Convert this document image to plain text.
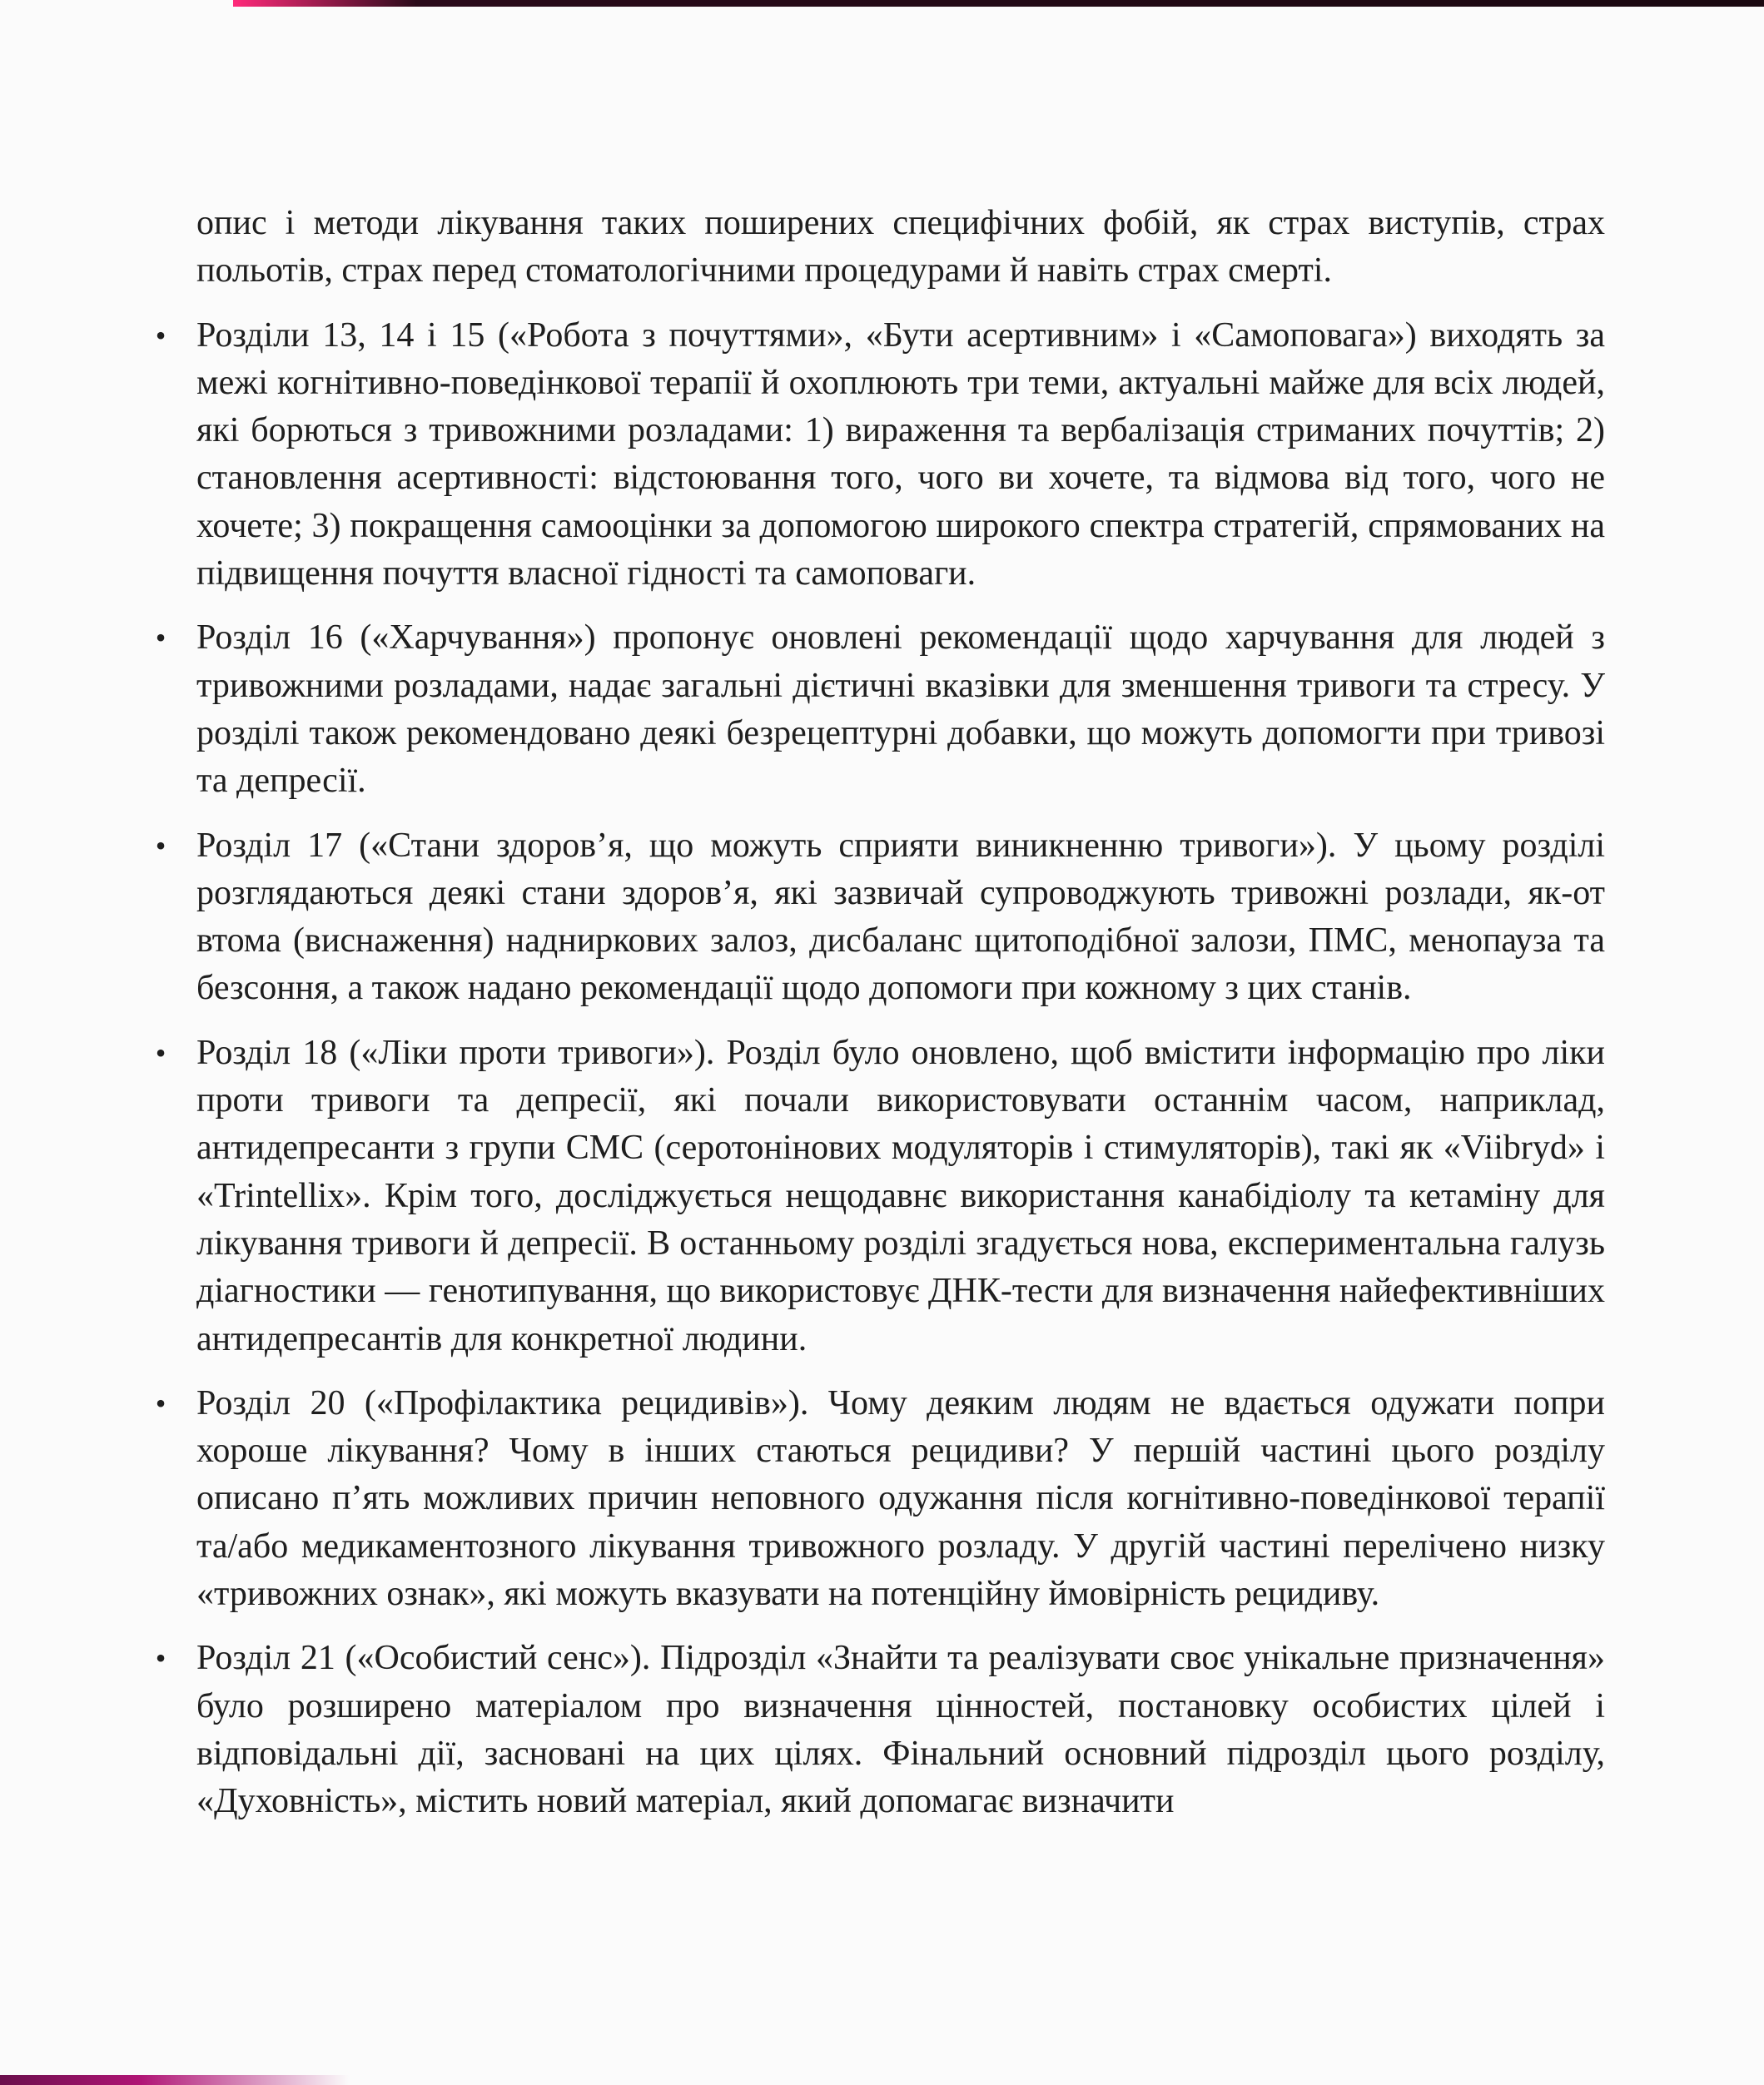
опис і методи лікування таких поширених специфічних фобій, як страх виступів, страх польотів, страх перед стоматологічними процедурами й навіть страх смерті.

• Розділи 13, 14 і 15 («Робота з почуттями», «Бути асертивним» і «Самоповага») виходять за межі когнітивно-поведінкової терапії й охоплюють три теми, актуальні майже для всіх людей, які борються з тривожними розладами: 1) вираження та вербалізація стриманих почуттів; 2) становлення асертивності: відстоювання того, чого ви хочете, та відмова від того, чого не хочете; 3) покращення самооцінки за допомогою широкого спектра стратегій, спрямованих на підвищення почуття власної гідності та самоповаги.
• Розділ 16 («Харчування») пропонує оновлені рекомендації щодо харчування для людей з тривожними розладами, надає загальні дієтичні вказівки для зменшення тривоги та стресу. У розділі також рекомендовано деякі безрецептурні добавки, що можуть допомогти при тривозі та депресії.
• Розділ 17 («Стани здоров’я, що можуть сприяти виникненню тривоги»). У цьому розділі розглядаються деякі стани здоров’я, які зазвичай супроводжують тривожні розлади, як-от втома (виснаження) надниркових залоз, дисбаланс щитоподібної залози, ПМС, менопауза та безсоння, а також надано рекомендації щодо допомоги при кожному з цих станів.
• Розділ 18 («Ліки проти тривоги»). Розділ було оновлено, щоб вмістити інформацію про ліки проти тривоги та депресії, які почали використовувати останнім часом, наприклад, антидепресанти з групи СМС (серотонінових модуляторів і стимуляторів), такі як «Viibryd» і «Trintellix». Крім того, досліджується нещодавнє використання канабідіолу та кетаміну для лікування тривоги й депресії. В останньому розділі згадується нова, експериментальна галузь діагностики — генотипування, що використовує ДНК-тести для визначення найефективніших антидепресантів для конкретної людини.
• Розділ 20 («Профілактика рецидивів»). Чому деяким людям не вдається одужати попри хороше лікування? Чому в інших стаються рецидиви? У першій частині цього розділу описано п’ять можливих причин неповного одужання після когнітивно-поведінкової терапії та/або медикаментозного лікування тривожного розладу. У другій частині перелічено низку «тривожних ознак», які можуть вказувати на потенційну ймовірність рецидиву.
• Розділ 21 («Особистий сенс»). Підрозділ «Знайти та реалізувати своє унікальне призначення» було розширено матеріалом про визначення цінностей, постановку особистих цілей і відповідальні дії, засновані на цих цілях. Фінальний основний підрозділ цього розділу, «Духовність», містить новий матеріал, який допомагає визначити
